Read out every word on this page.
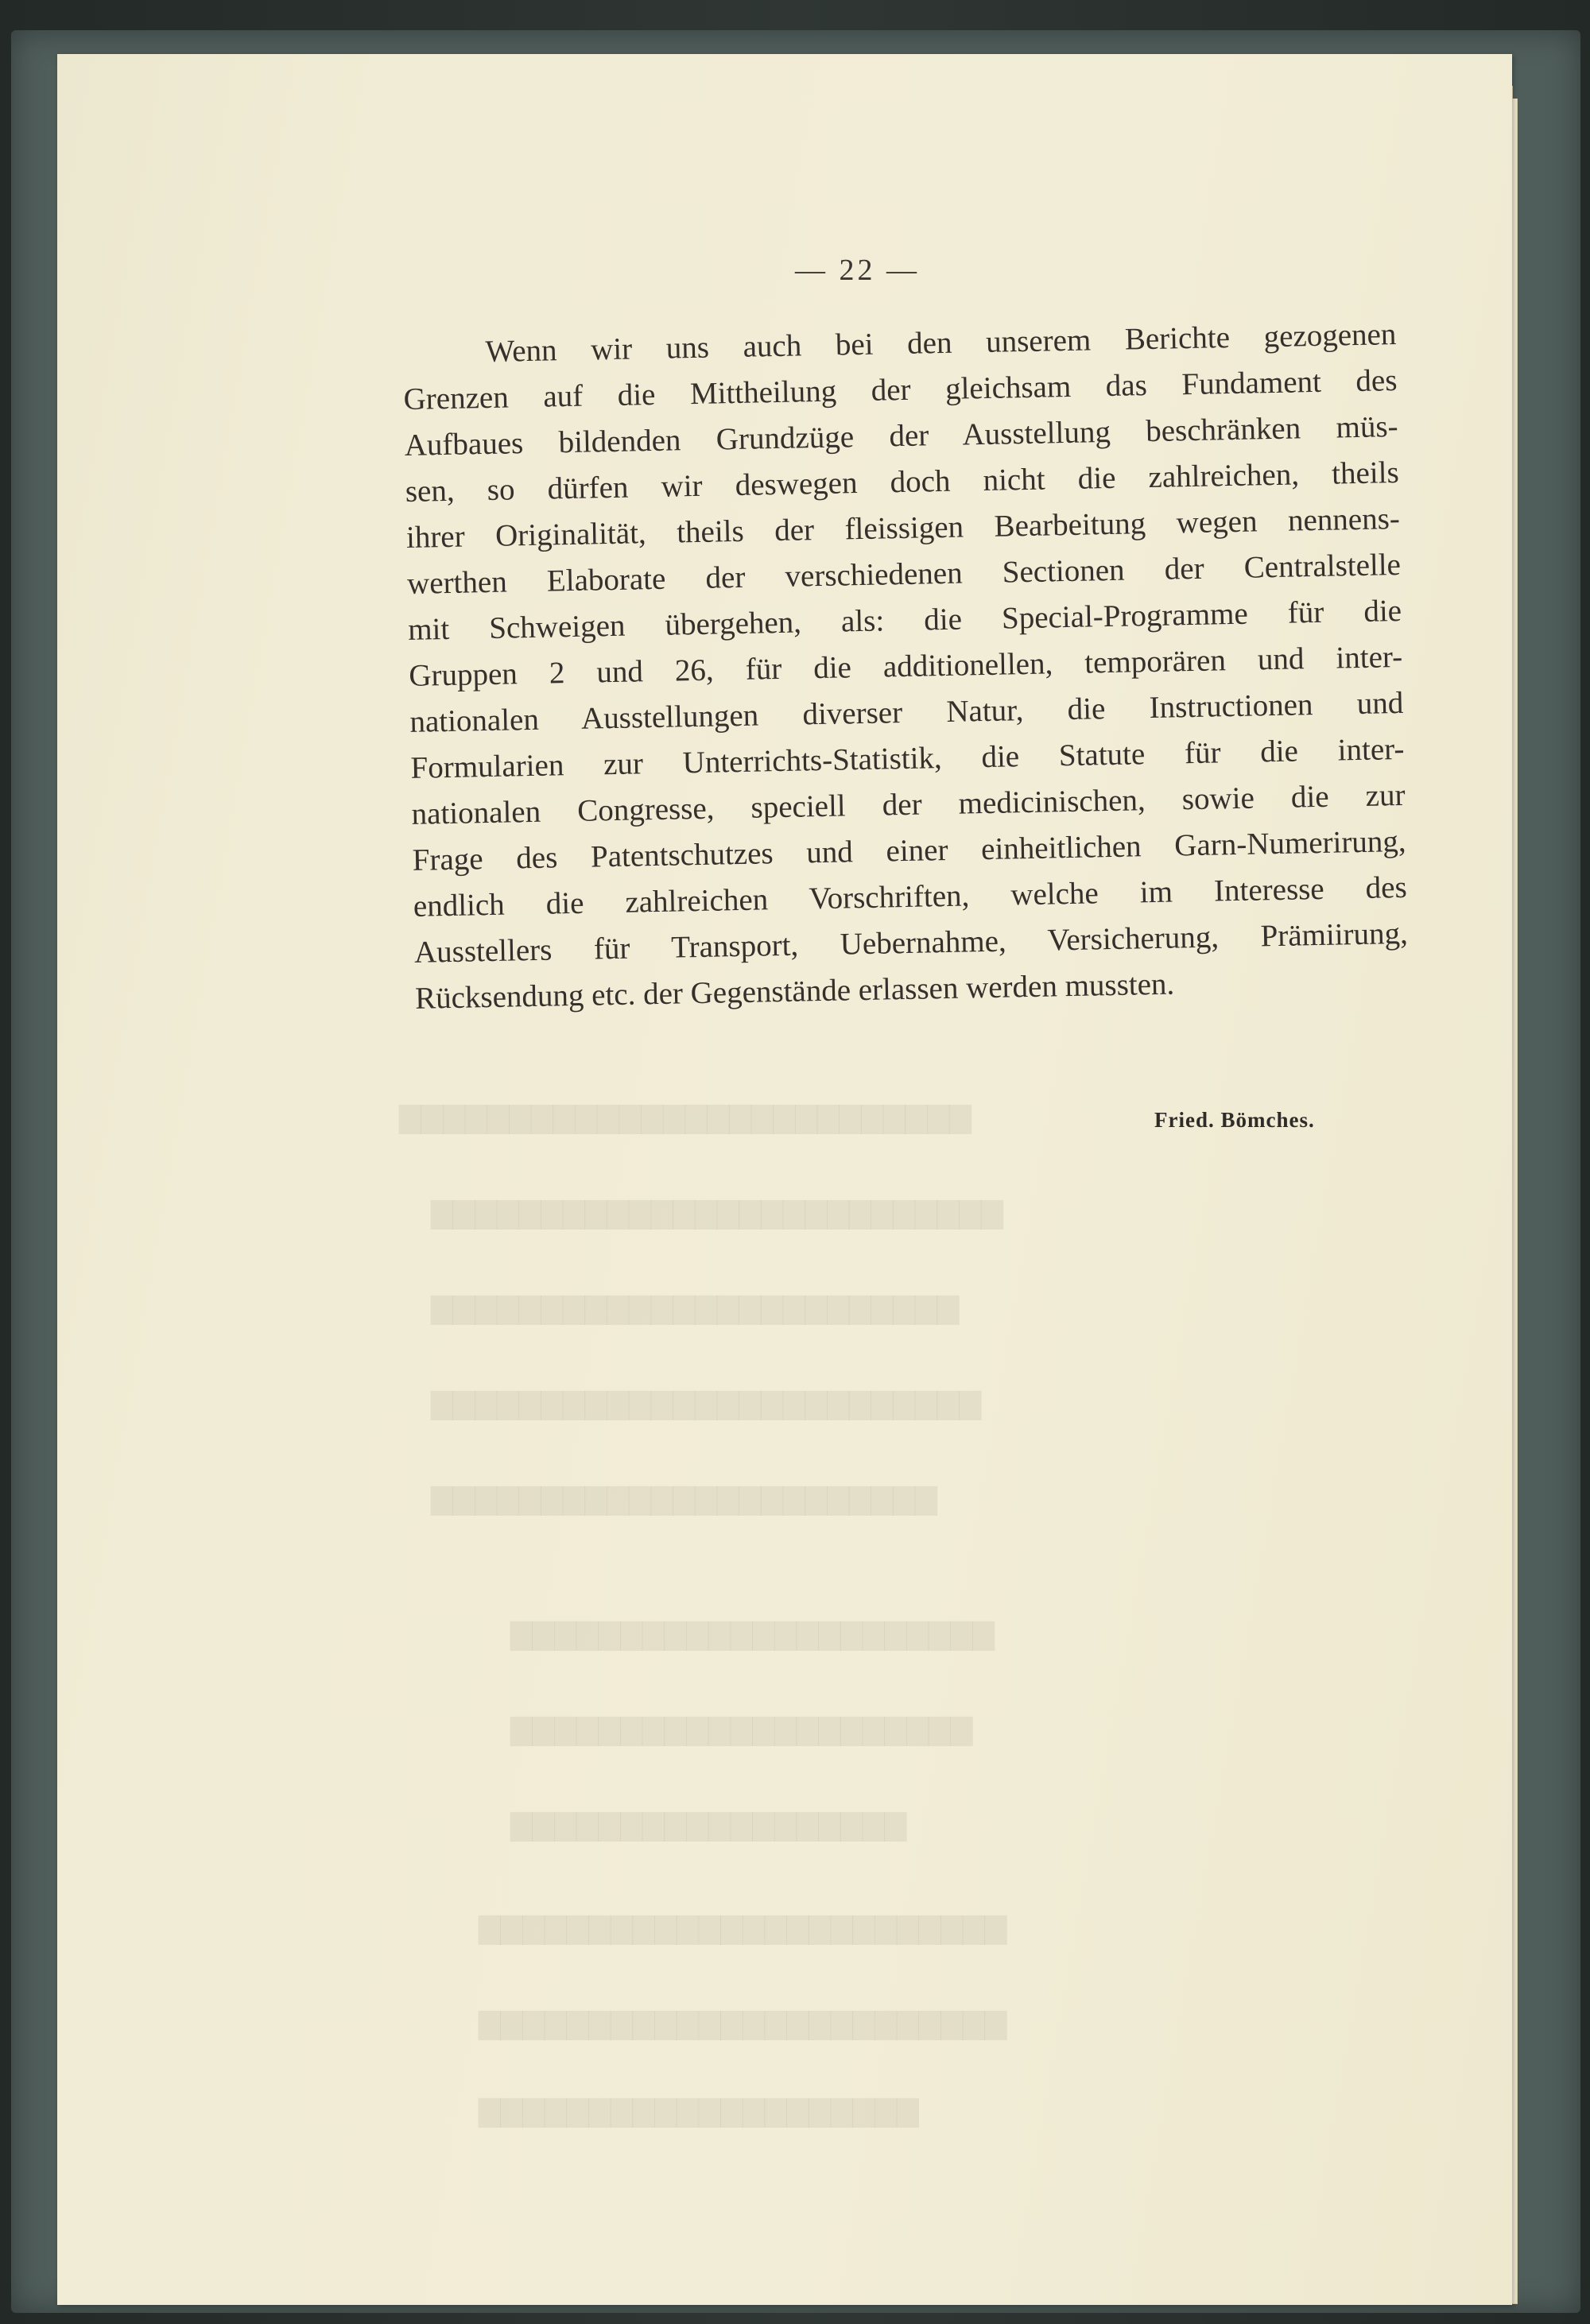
▇▇▇▇▇▇▇▇▇▇▇▇▇▇▇▇▇▇▇▇▇▇▇▇▇▇
▇▇▇▇▇▇▇▇▇▇▇▇▇▇▇▇▇▇▇▇▇▇▇▇▇▇
▇▇▇▇▇▇▇▇▇▇▇▇▇▇▇▇▇▇▇▇▇▇▇▇
▇▇▇▇▇▇▇▇▇▇▇▇▇▇▇▇▇▇▇▇▇▇▇▇▇
▇▇▇▇▇▇▇▇▇▇▇▇▇▇▇▇▇▇▇▇▇▇▇
▇▇▇▇▇▇▇▇▇▇▇▇▇▇▇▇▇▇▇▇▇▇
▇▇▇▇▇▇▇▇▇▇▇▇▇▇▇▇▇▇▇▇▇
▇▇▇▇▇▇▇▇▇▇▇▇▇▇▇▇▇▇
▇▇▇▇▇▇▇▇▇▇▇▇▇▇▇▇▇▇▇▇▇▇▇▇
▇▇▇▇▇▇▇▇▇▇▇▇▇▇▇▇▇▇▇▇▇▇▇▇
▇▇▇▇▇▇▇▇▇▇▇▇▇▇▇▇▇▇▇▇
— 22 —
Wenn wir uns auch bei den unserem Berichte gezogenen
Grenzen auf die Mittheilung der gleichsam das Fundament des
Aufbaues bildenden Grundzüge der Ausstellung beschränken müs-
sen, so dürfen wir deswegen doch nicht die zahlreichen, theils
ihrer Originalität, theils der fleissigen Bearbeitung wegen nennens-
werthen Elaborate der verschiedenen Sectionen der Centralstelle
mit Schweigen übergehen, als: die Special-Programme für die
Gruppen 2 und 26, für die additionellen, temporären und inter-
nationalen Ausstellungen diverser Natur, die Instructionen und
Formularien zur Unterrichts-Statistik, die Statute für die inter-
nationalen Congresse, speciell der medicinischen, sowie die zur
Frage des Patentschutzes und einer einheitlichen Garn-Numerirung,
endlich die zahlreichen Vorschriften, welche im Interesse des
Ausstellers für Transport, Uebernahme, Versicherung, Prämiirung,
Rücksendung etc. der Gegenstände erlassen werden mussten.
Fried. Bömches.
